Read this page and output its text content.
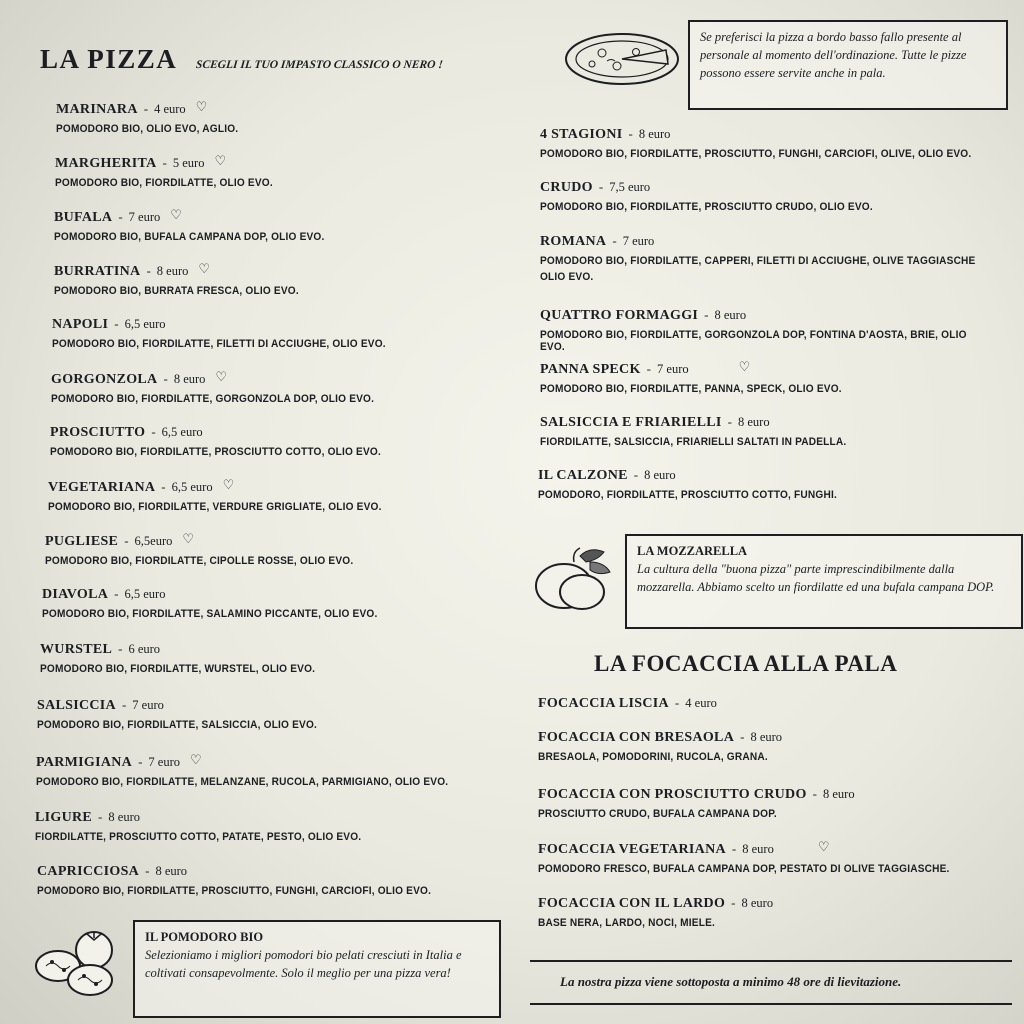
LA PIZZA SCEGLI IL TUO IMPASTO CLASSICO O NERO !
Se preferisci la pizza a bordo basso fallo presente al personale al momento dell'ordinazione. Tutte le pizze possono essere servite anche in pala.
MARINARA - 4 euro ♡
POMODORO BIO, OLIO EVO, AGLIO.
MARGHERITA - 5 euro ♡
POMODORO BIO, FIORDILATTE, OLIO EVO.
BUFALA - 7 euro ♡
POMODORO BIO, BUFALA CAMPANA DOP, OLIO EVO.
BURRATINA - 8 euro ♡
POMODORO BIO, BURRATA FRESCA, OLIO EVO.
NAPOLI - 6,5 euro
POMODORO BIO, FIORDILATTE, FILETTI DI ACCIUGHE, OLIO EVO.
GORGONZOLA - 8 euro ♡
POMODORO BIO, FIORDILATTE, GORGONZOLA DOP, OLIO EVO.
PROSCIUTTO - 6,5 euro
POMODORO BIO, FIORDILATTE, PROSCIUTTO COTTO, OLIO EVO.
VEGETARIANA - 6,5 euro ♡
POMODORO BIO, FIORDILATTE, VERDURE GRIGLIATE, OLIO EVO.
PUGLIESE - 6,5euro ♡
POMODORO BIO, FIORDILATTE, CIPOLLE ROSSE, OLIO EVO.
DIAVOLA - 6,5 euro
POMODORO BIO, FIORDILATTE, SALAMINO PICCANTE, OLIO EVO.
WURSTEL - 6 euro
POMODORO BIO, FIORDILATTE, WURSTEL, OLIO EVO.
SALSICCIA - 7 euro
POMODORO BIO, FIORDILATTE, SALSICCIA, OLIO EVO.
PARMIGIANA - 7 euro ♡
POMODORO BIO, FIORDILATTE, MELANZANE, RUCOLA, PARMIGIANO, OLIO EVO.
LIGURE - 8 euro
FIORDILATTE, PROSCIUTTO COTTO, PATATE, PESTO, OLIO EVO.
CAPRICCIOSA - 8 euro
POMODORO BIO, FIORDILATTE, PROSCIUTTO, FUNGHI, CARCIOFI, OLIO EVO.
4 STAGIONI - 8 euro
POMODORO BIO, FIORDILATTE, PROSCIUTTO, FUNGHI, CARCIOFI, OLIVE, OLIO EVO.
CRUDO - 7,5 euro
POMODORO BIO, FIORDILATTE, PROSCIUTTO CRUDO, OLIO EVO.
ROMANA - 7 euro
POMODORO BIO, FIORDILATTE, CAPPERI, FILETTI DI ACCIUGHE, OLIVE TAGGIASCHE
OLIO EVO.
QUATTRO FORMAGGI - 8 euro
POMODORO BIO, FIORDILATTE, GORGONZOLA DOP, FONTINA D'AOSTA, BRIE, OLIO EVO.
PANNA SPECK - 7 euro	♡
POMODORO BIO, FIORDILATTE, PANNA, SPECK, OLIO EVO.
SALSICCIA E FRIARIELLI - 8 euro
FIORDILATTE, SALSICCIA, FRIARIELLI SALTATI IN PADELLA.
IL CALZONE - 8 euro
POMODORO, FIORDILATTE, PROSCIUTTO COTTO, FUNGHI.
LA MOZZARELLA
La cultura della "buona pizza" parte imprescindibilmente dalla mozzarella. Abbiamo scelto un fiordilatte ed una bufala campana DOP.
LA FOCACCIA ALLA PALA
FOCACCIA LISCIA - 4 euro
FOCACCIA CON BRESAOLA - 8 euro
BRESAOLA, POMODORINI, RUCOLA, GRANA.
FOCACCIA CON PROSCIUTTO CRUDO - 8 euro
PROSCIUTTO CRUDO, BUFALA CAMPANA DOP.
FOCACCIA VEGETARIANA - 8 euro	♡
POMODORO FRESCO, BUFALA CAMPANA DOP, PESTATO DI OLIVE TAGGIASCHE.
FOCACCIA CON IL LARDO - 8 euro
BASE NERA, LARDO, NOCI, MIELE.
IL POMODORO BIO
Selezioniamo i migliori pomodori bio pelati cresciuti in Italia e coltivati consapevolmente. Solo il meglio per una pizza vera!
La nostra pizza viene sottoposta a minimo 48 ore di lievitazione.
